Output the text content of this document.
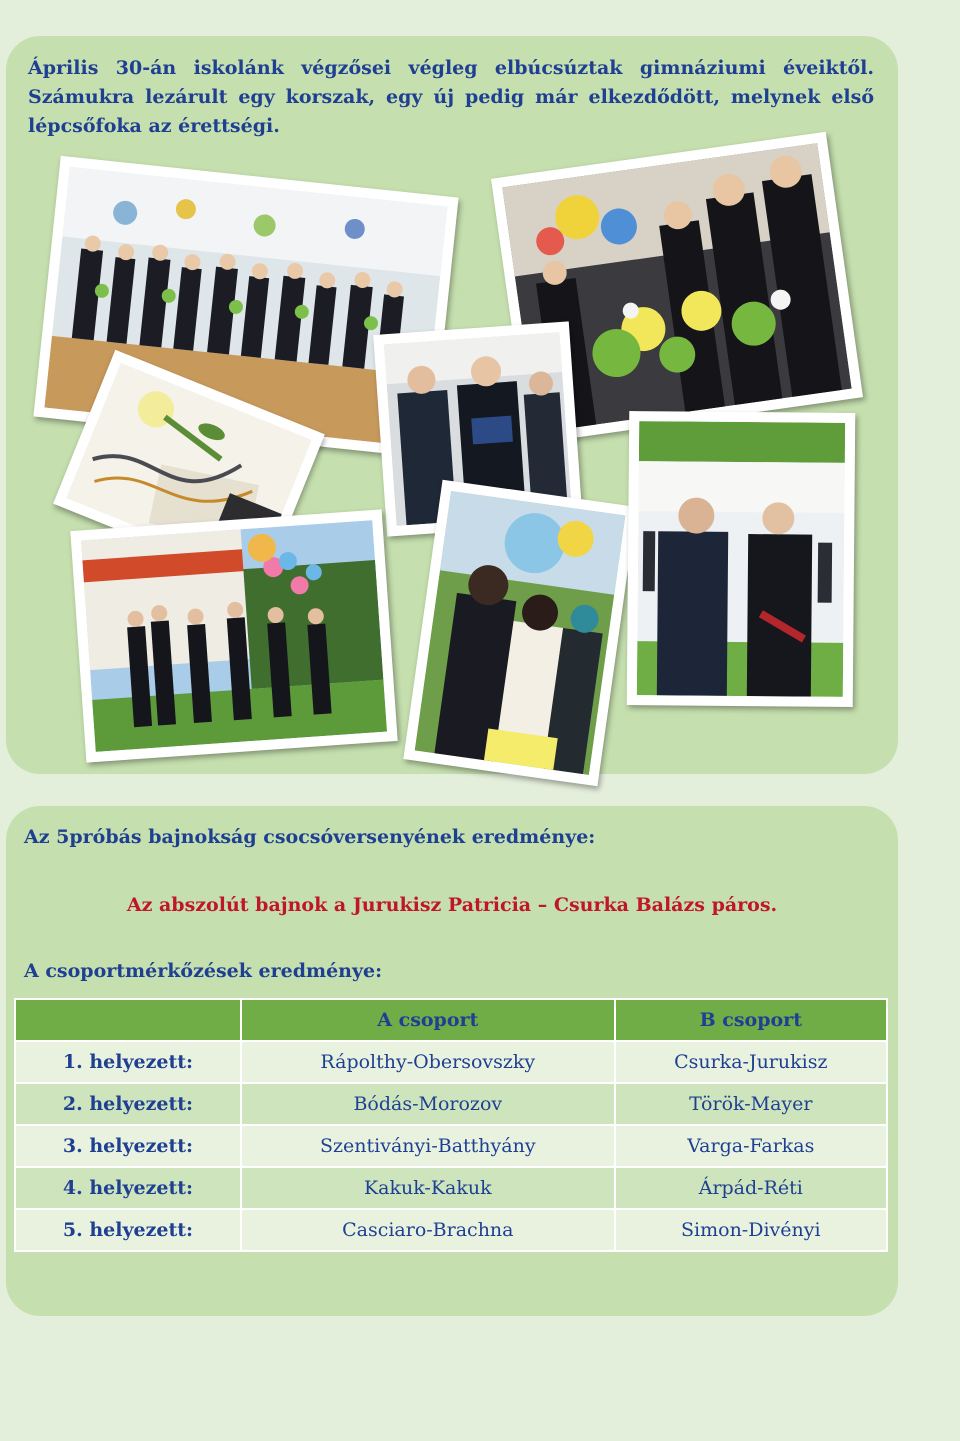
Április 30-án iskolánk végzősei végleg elbúcsúztak gimnáziumi éveiktől. Számukra lezárult egy korszak, egy új pedig már elkezdődött, melynek első lépcsőfoka az érettségi.

Az 5próbás bajnokság csocsóversenyének eredménye:

Az abszolút bajnok a Jurukisz Patricia – Csurka Balázs páros.

A csoportmérkőzések eredménye:

	A csoport	B csoport
1. helyezett:	Rápolthy-Obersovszky	Csurka-Jurukisz
2. helyezett:	Bódás-Morozov	Török-Mayer
3. helyezett:	Szentiványi-Batthyány	Varga-Farkas
4. helyezett:	Kakuk-Kakuk	Árpád-Réti
5. helyezett:	Casciaro-Brachna	Simon-Divényi
